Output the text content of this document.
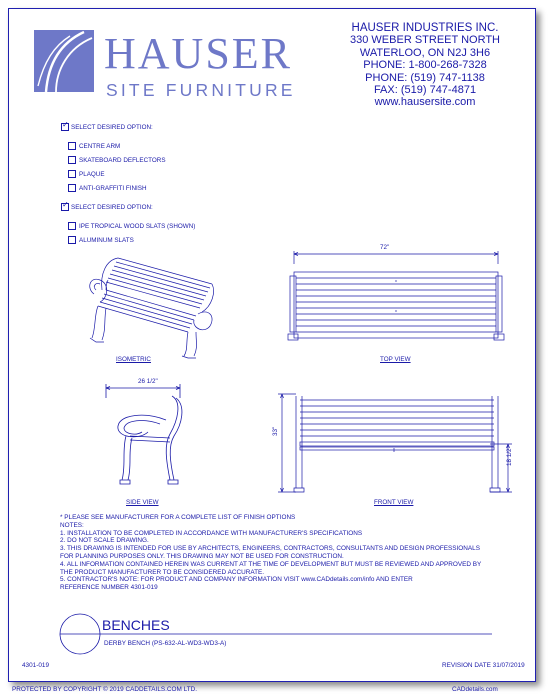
HAUSER
SITE FURNITURE
HAUSER INDUSTRIES INC.
330 WEBER STREET NORTH
WATERLOO, ON N2J 3H6
PHONE: 1-800-268-7328
PHONE: (519) 747-1138
FAX: (519) 747-4871
www.hausersite.com
✓
SELECT DESIRED OPTION:
CENTRE ARM
SKATEBOARD DEFLECTORS
PLAQUE
ANTI-GRAFFITI FINISH
✓
SELECT DESIRED OPTION:
IPE TROPICAL WOOD SLATS (SHOWN)
ALUMINUM SLATS
ISOMETRIC
72"
TOP VIEW
26 1/2"
SIDE VIEW
33"
18 1/2"
FRONT VIEW
* PLEASE SEE MANUFACTURER FOR A COMPLETE LIST OF FINISH OPTIONS
NOTES:
1. INSTALLATION TO BE COMPLETED IN ACCORDANCE WITH MANUFACTURER'S SPECIFICATIONS
2. DO NOT SCALE DRAWING.
3. THIS DRAWING IS INTENDED FOR USE BY ARCHITECTS, ENGINEERS, CONTRACTORS, CONSULTANTS AND DESIGN PROFESSIONALS
FOR PLANNING PURPOSES ONLY. THIS DRAWING MAY NOT BE USED FOR CONSTRUCTION.
4. ALL INFORMATION CONTAINED HEREIN WAS CURRENT AT THE TIME OF DEVELOPMENT BUT MUST BE REVIEWED AND APPROVED BY
THE PRODUCT MANUFACTURER TO BE CONSIDERED ACCURATE.
5. CONTRACTOR'S NOTE: FOR PRODUCT AND COMPANY INFORMATION VISIT www.CADdetails.com/info AND ENTER
REFERENCE NUMBER 4301-019
BENCHES
DERBY BENCH (PS-632-AL-WD3-WD3-A)
4301-019	REVISION DATE 31/07/2019
PROTECTED BY COPYRIGHT © 2019 CADDETAILS.COM LTD.	CADdetails.com
